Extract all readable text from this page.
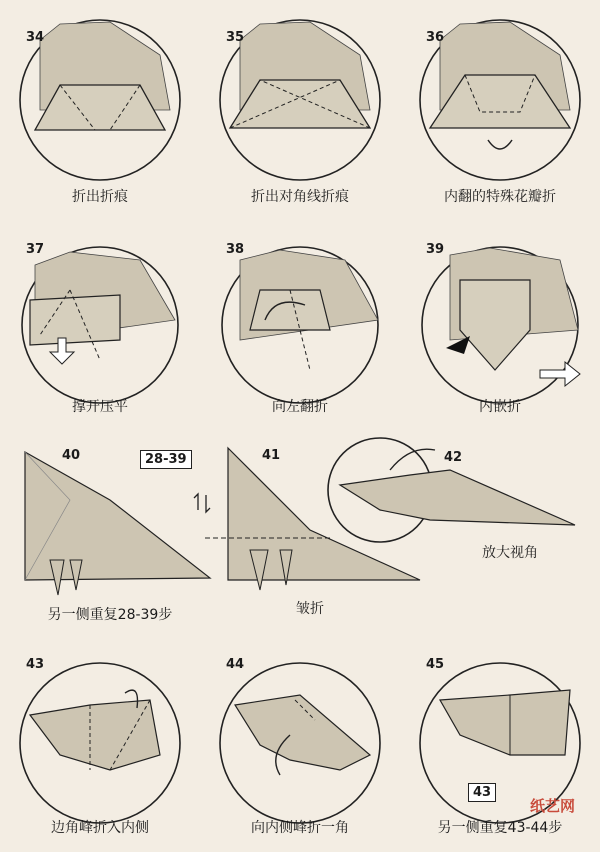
34
折出折痕
35
折出对角线折痕
36
内翻的特殊花瓣折
37
撑开压平
38
向左翻折
39
内嵌折
40	28-39
另一侧重复28-39步
41
皱折
42
放大视角
43
边角峰折入内侧
44
向内侧峰折一角
45
43
另一侧重复43-44步
纸艺网
